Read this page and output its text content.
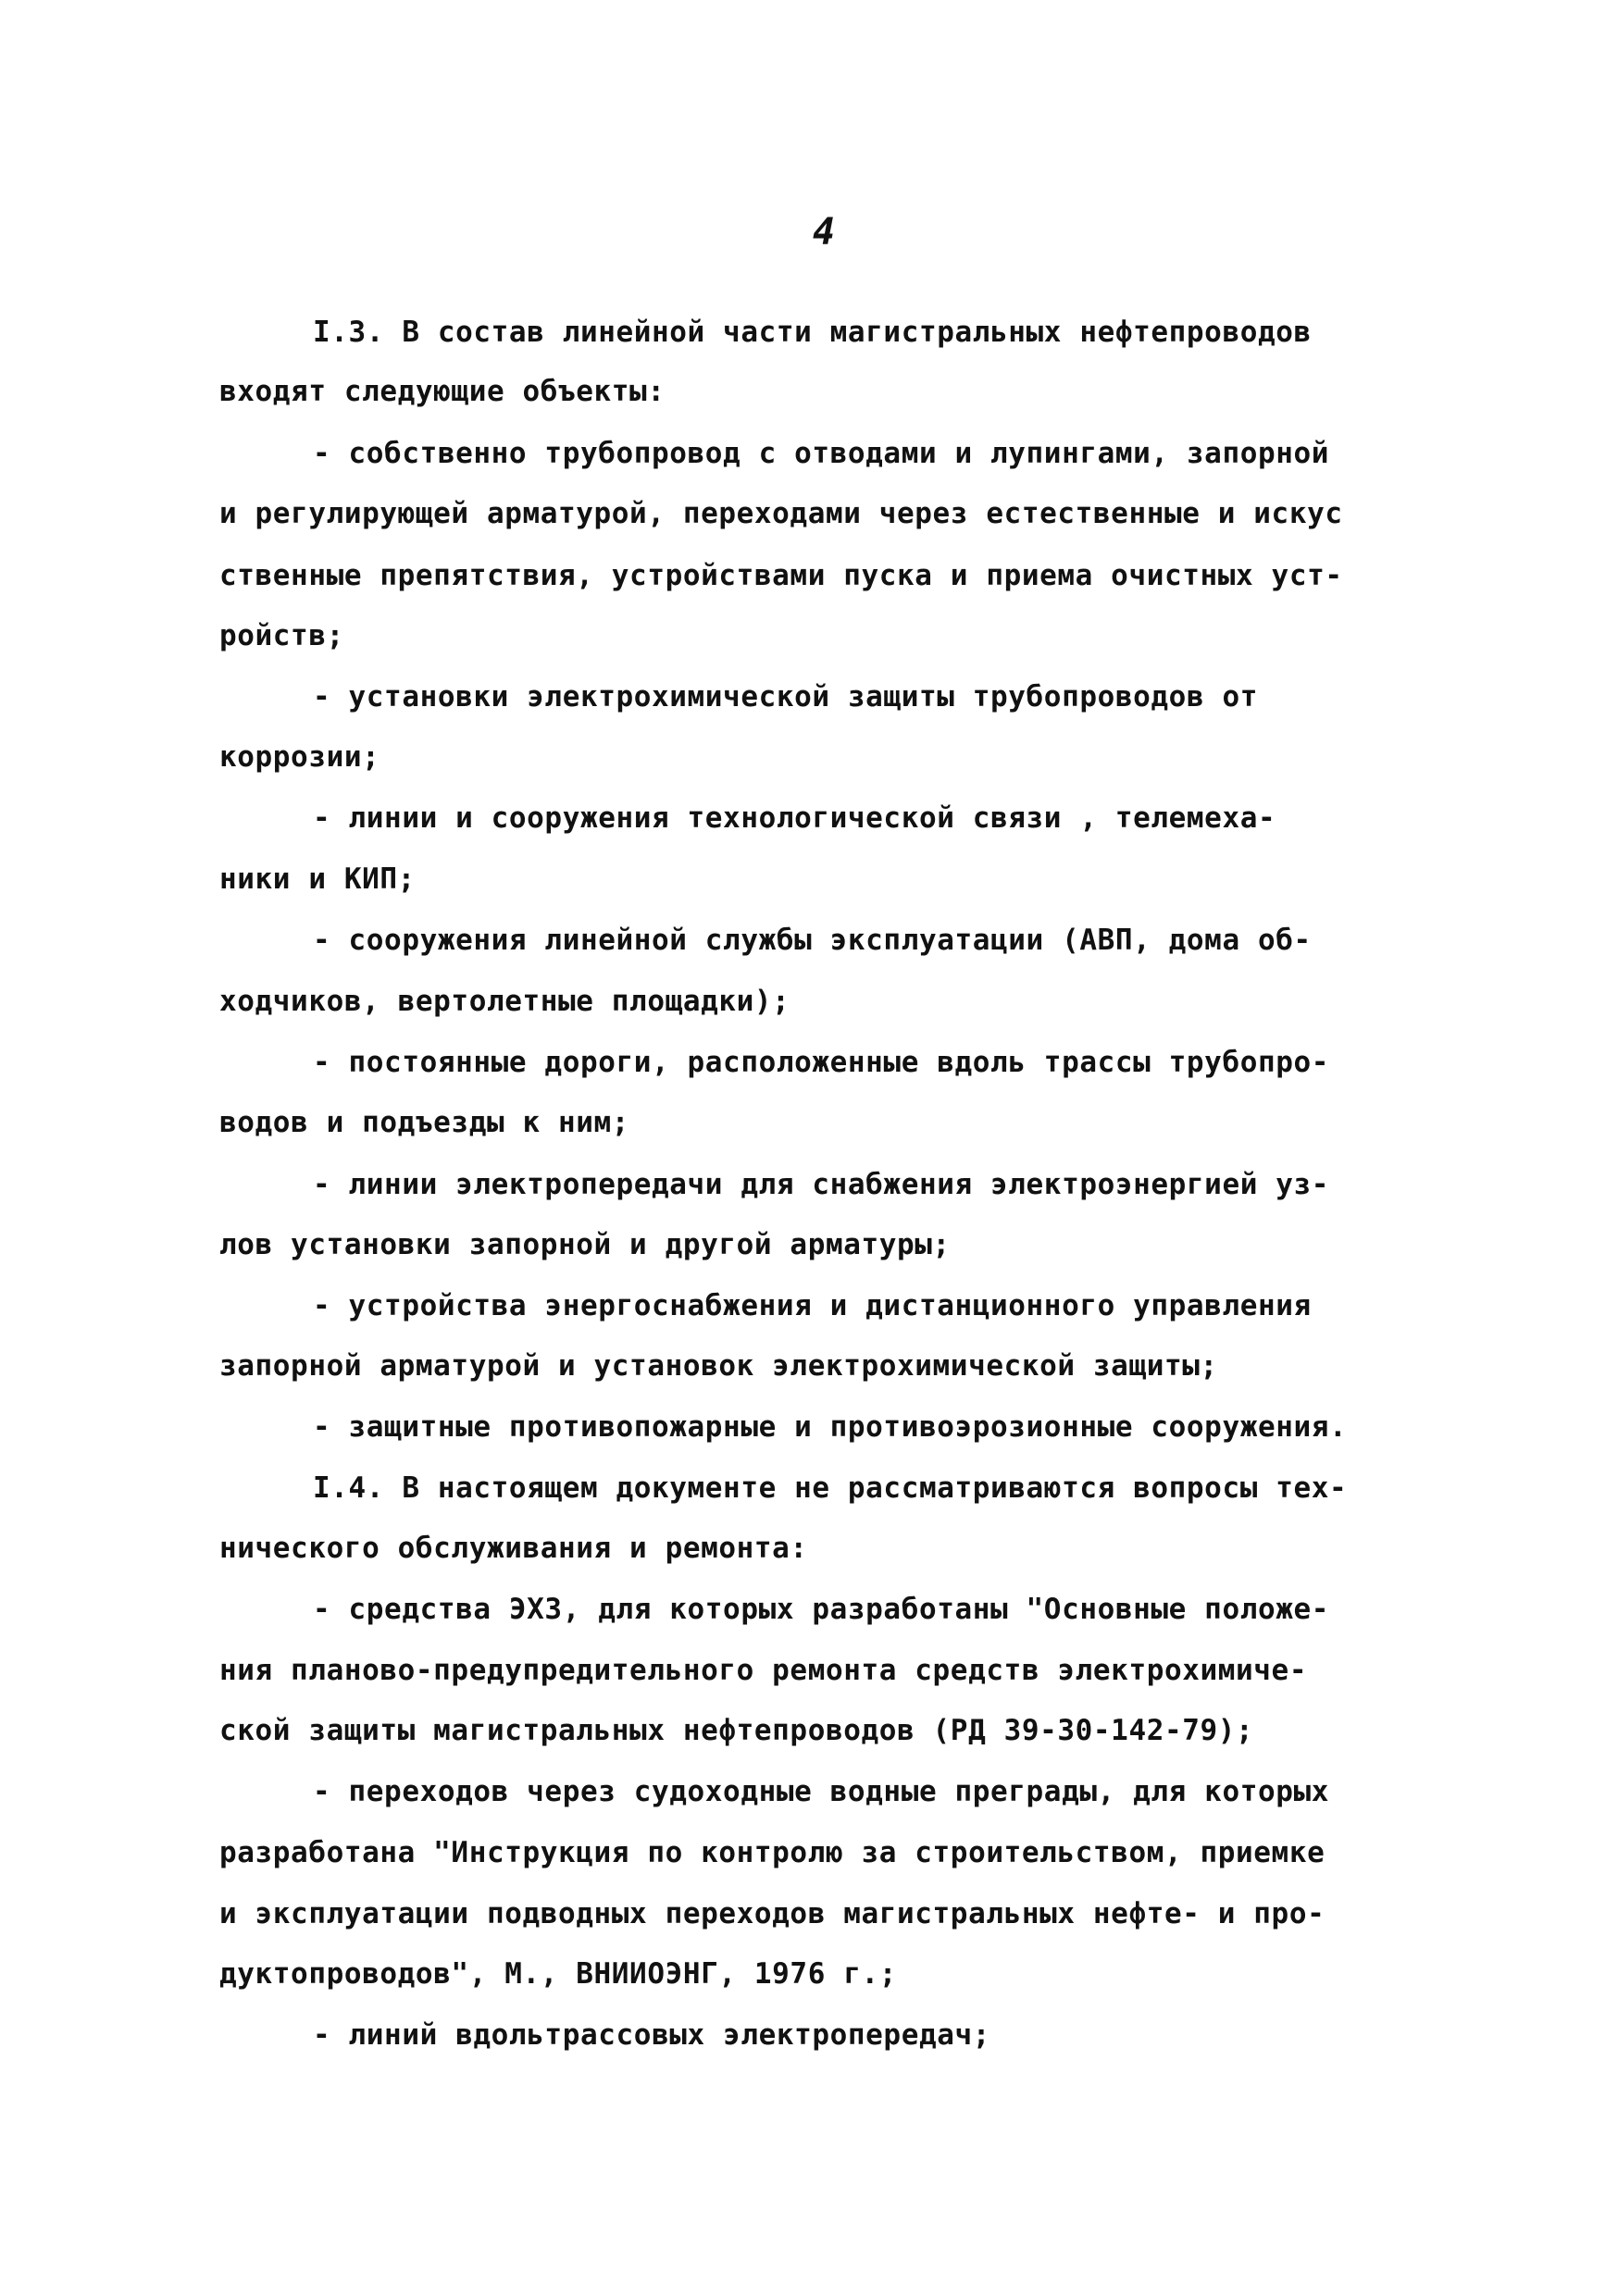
4
I.3. В состав линейной части магистральных нефтепроводов
входят следующие объекты:
- собственно трубопровод с отводами и лупингами, запорной
и регулирующей арматурой, переходами через естественные и искус
ственные препятствия, устройствами пуска и приема очистных уст-
ройств;
- установки электрохимической защиты трубопроводов от
коррозии;
- линии и сооружения технологической связи , телемеха-
ники и КИП;
- сооружения линейной службы эксплуатации (АВП, дома об-
ходчиков, вертолетные площадки);
- постоянные дороги, расположенные вдоль трассы трубопро-
водов и подъезды к ним;
- линии электропередачи для снабжения электроэнергией уз-
лов установки запорной и другой арматуры;
- устройства энергоснабжения и дистанционного управления
запорной арматурой и установок электрохимической защиты;
- защитные противопожарные и противоэрозионные сооружения.
I.4. В настоящем документе не рассматриваются вопросы тех-
нического обслуживания и ремонта:
- средства ЭХЗ, для которых разработаны "Основные положе-
ния планово-предупредительного ремонта средств электрохимиче-
ской защиты магистральных нефтепроводов (РД 39-30-142-79);
- переходов через судоходные водные преграды, для которых
разработана "Инструкция по контролю за строительством, приемке
и эксплуатации подводных переходов магистральных нефте- и про-
дуктопроводов", М., ВНИИОЭНГ, 1976 г.;
- линий вдольтрассовых электропередач;
